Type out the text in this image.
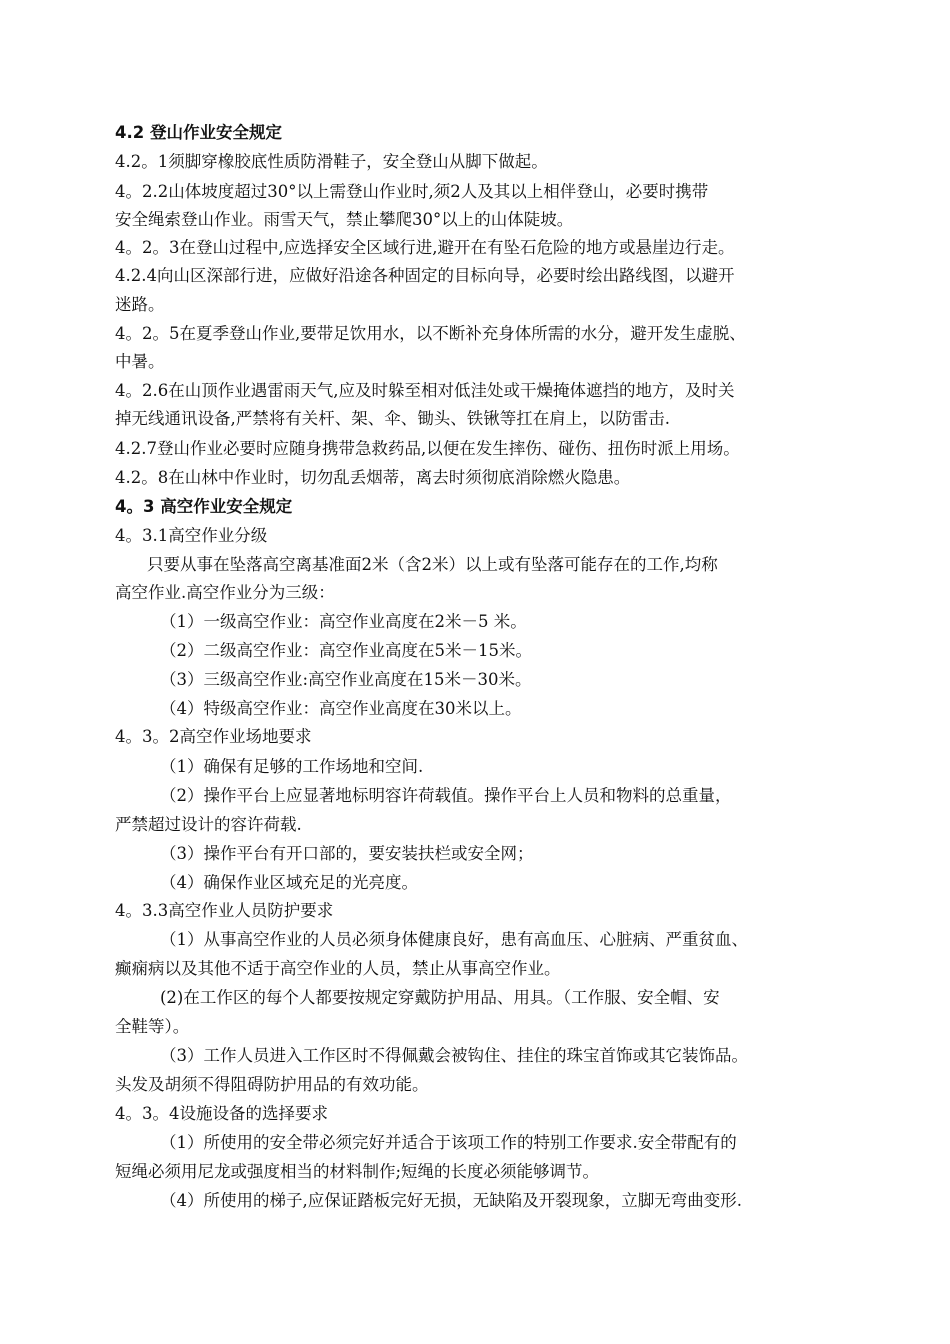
4.2 登山作业安全规定
4.2。1须脚穿橡胶底性质防滑鞋子，安全登山从脚下做起。
4。2.2山体坡度超过30°以上需登山作业时,须2人及其以上相伴登山，必要时携带
安全绳索登山作业。雨雪天气，禁止攀爬30°以上的山体陡坡。
4。2。3在登山过程中,应选择安全区域行进,避开在有坠石危险的地方或悬崖边行走。
4.2.4向山区深部行进，应做好沿途各种固定的目标向导，必要时绘出路线图，以避开
迷路。
4。2。5在夏季登山作业,要带足饮用水，以不断补充身体所需的水分，避开发生虚脱、
中暑。
4。2.6在山顶作业遇雷雨天气,应及时躲至相对低洼处或干燥掩体遮挡的地方，及时关
掉无线通讯设备,严禁将有关杆、架、伞、锄头、铁锹等扛在肩上，以防雷击.
4.2.7登山作业必要时应随身携带急救药品,以便在发生摔伤、碰伤、扭伤时派上用场。
4.2。8在山林中作业时，切勿乱丢烟蒂，离去时须彻底消除燃火隐患。
4。3 高空作业安全规定
4。3.1高空作业分级
只要从事在坠落高空离基准面2米（含2米）以上或有坠落可能存在的工作,均称
高空作业.高空作业分为三级：
（1）一级高空作业：高空作业高度在2米－5 米。
（2）二级高空作业：高空作业高度在5米－15米。
（3）三级高空作业:高空作业高度在15米－30米。
（4）特级高空作业：高空作业高度在30米以上。
4。3。2高空作业场地要求
（1）确保有足够的工作场地和空间.
（2）操作平台上应显著地标明容许荷载值。操作平台上人员和物料的总重量，
严禁超过设计的容许荷载.
（3）操作平台有开口部的，要安装扶栏或安全网；
（4）确保作业区域充足的光亮度。
4。3.3高空作业人员防护要求
（1）从事高空作业的人员必须身体健康良好，患有高血压、心脏病、严重贫血、
癫痫病以及其他不适于高空作业的人员，禁止从事高空作业。
(2)在工作区的每个人都要按规定穿戴防护用品、用具。（工作服、安全帽、安
全鞋等）。
（3）工作人员进入工作区时不得佩戴会被钩住、挂住的珠宝首饰或其它装饰品。
头发及胡须不得阻碍防护用品的有效功能。
4。3。4设施设备的选择要求
（1）所使用的安全带必须完好并适合于该项工作的特别工作要求.安全带配有的
短绳必须用尼龙或强度相当的材料制作;短绳的长度必须能够调节。
（4）所使用的梯子,应保证踏板完好无损，无缺陷及开裂现象，立脚无弯曲变形.
